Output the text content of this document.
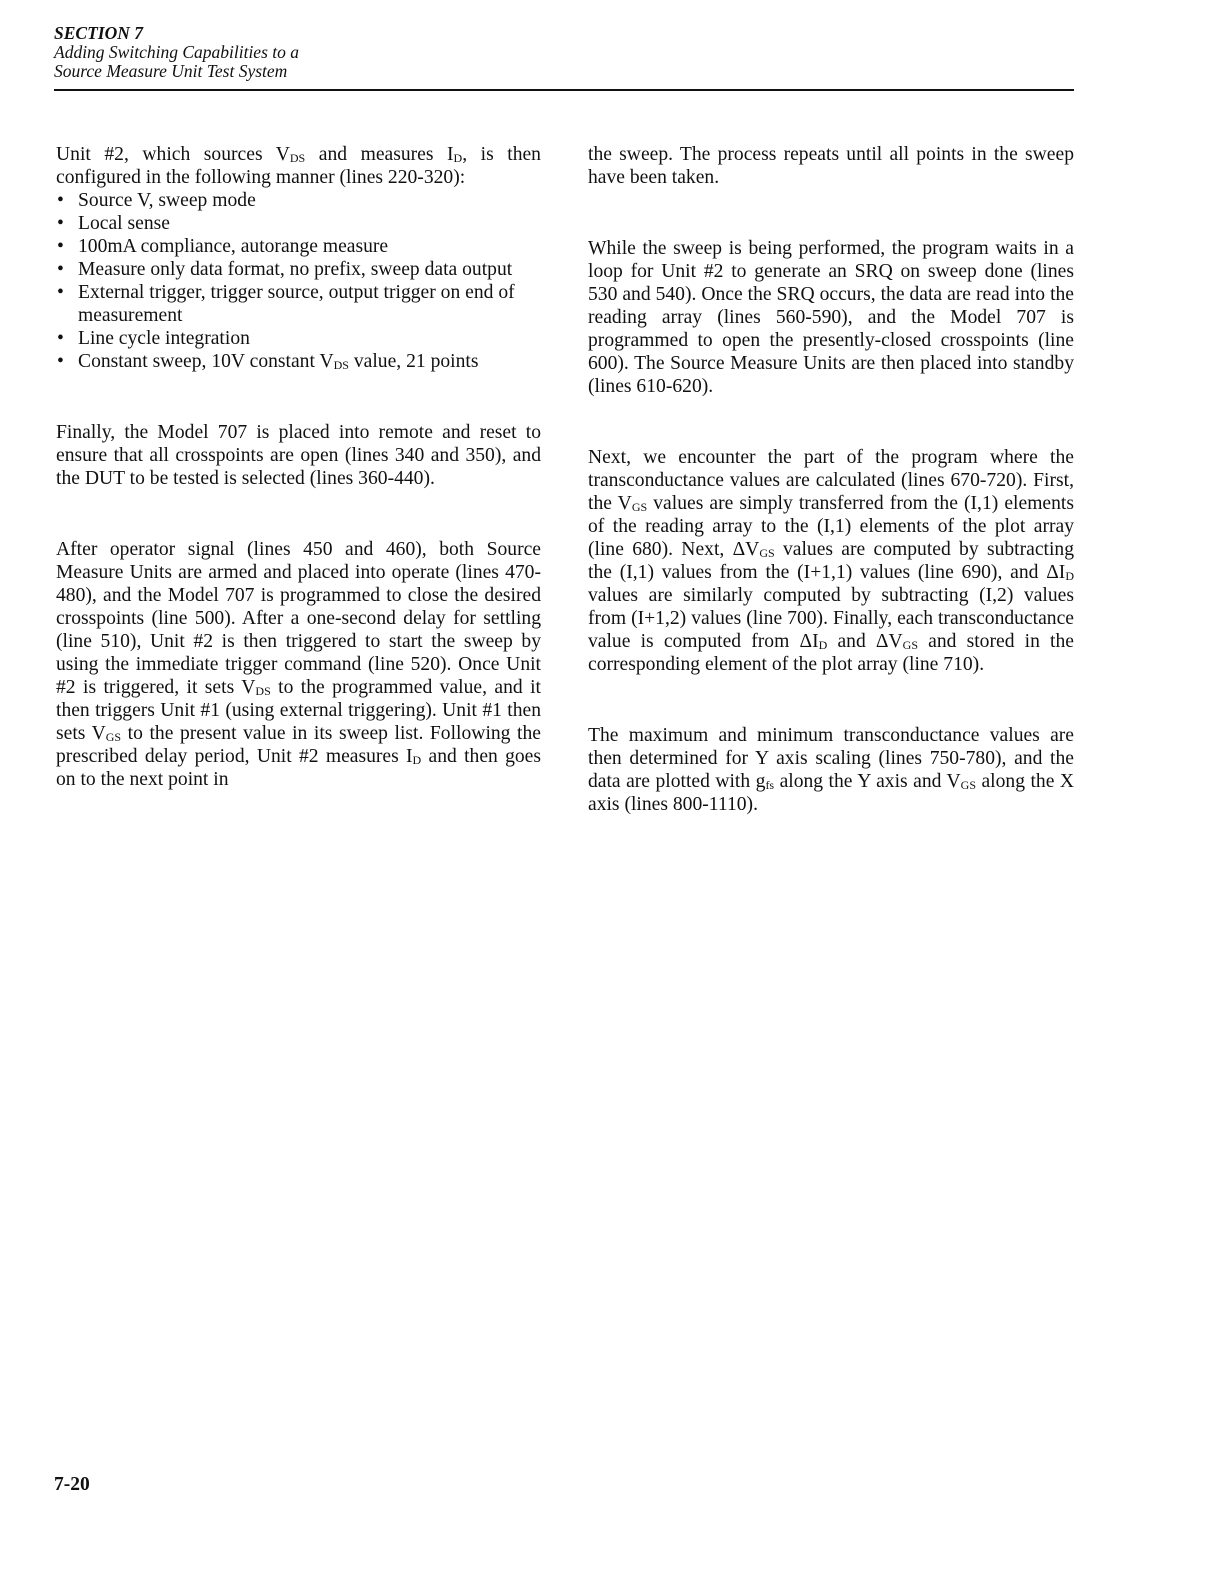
SECTION 7
Adding Switching Capabilities to a
Source Measure Unit Test System

Unit #2, which sources $V_{DS}$ and measures $I_D$, is then configured in the following manner (lines 220-320):

• Source V, sweep mode
• Local sense
• 100mA compliance, autorange measure
• Measure only data format, no prefix, sweep data output
• External trigger, trigger source, output trigger on end of measurement
• Line cycle integration
• Constant sweep, 10V constant $V_{DS}$ value, 21 points

Finally, the Model 707 is placed into remote and reset to ensure that all crosspoints are open (lines 340 and 350), and the DUT to be tested is selected (lines 360-440).

After operator signal (lines 450 and 460), both Source Measure Units are armed and placed into operate (lines 470-480), and the Model 707 is programmed to close the desired crosspoints (line 500). After a one-second delay for settling (line 510), Unit #2 is then triggered to start the sweep by using the immediate trigger command (line 520). Once Unit #2 is triggered, it sets $V_{DS}$ to the programmed value, and it then triggers Unit #1 (using external triggering). Unit #1 then sets $V_{GS}$ to the present value in its sweep list. Following the prescribed delay period, Unit #2 measures $I_D$ and then goes on to the next point in

the sweep. The process repeats until all points in the sweep have been taken.

While the sweep is being performed, the program waits in a loop for Unit #2 to generate an SRQ on sweep done (lines 530 and 540). Once the SRQ occurs, the data are read into the reading array (lines 560-590), and the Model 707 is programmed to open the presently-closed crosspoints (line 600). The Source Measure Units are then placed into standby (lines 610-620).

Next, we encounter the part of the program where the transconductance values are calculated (lines 670-720). First, the $V_{GS}$ values are simply transferred from the (I,1) elements of the reading array to the (I,1) elements of the plot array (line 680). Next, $\Delta V_{GS}$ values are computed by subtracting the (I,1) values from the (I+1,1) values (line 690), and $\Delta I_D$ values are similarly computed by subtracting (I,2) values from (I+1,2) values (line 700). Finally, each transconductance value is computed from $\Delta I_D$ and $\Delta V_{GS}$ and stored in the corresponding element of the plot array (line 710).

The maximum and minimum transconductance values are then determined for Y axis scaling (lines 750-780), and the data are plotted with $g_{fs}$ along the Y axis and $V_{GS}$ along the X axis (lines 800-1110).

7-20
